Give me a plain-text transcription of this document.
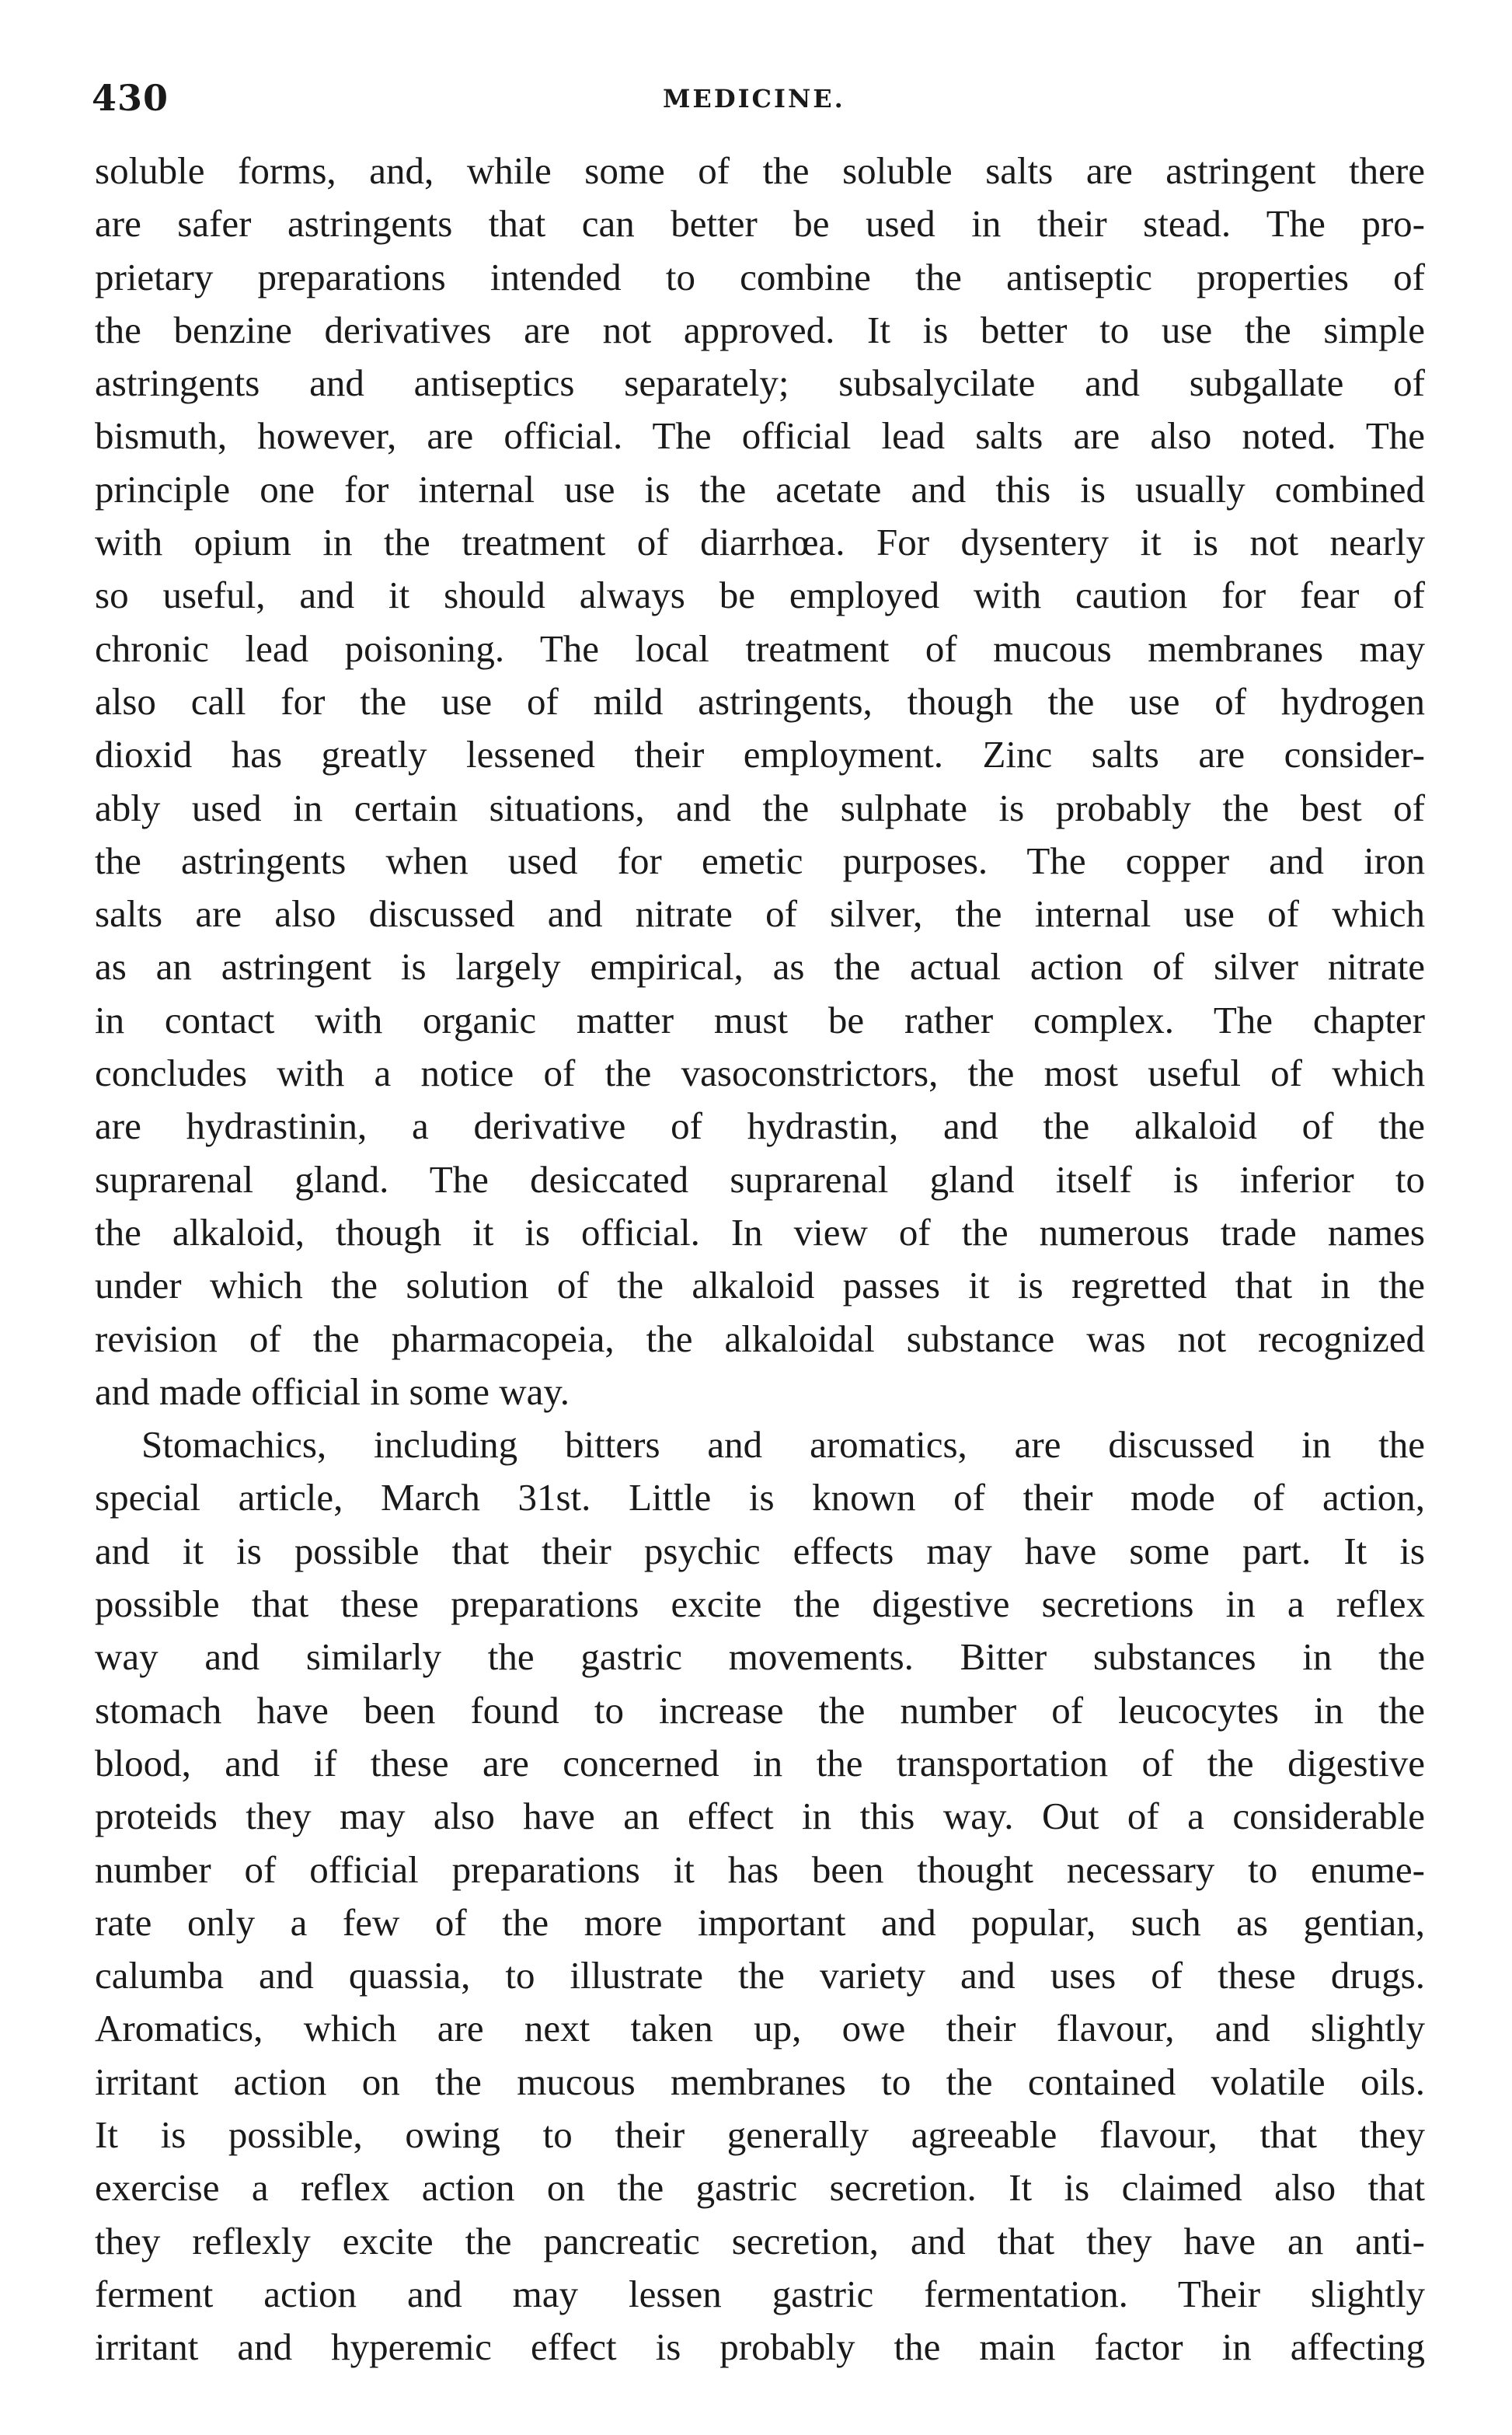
430	MEDICINE.
soluble forms, and, while some of the soluble salts are astringent there
are safer astringents that can better be used in their stead. The pro-
prietary preparations intended to combine the antiseptic properties of
the benzine derivatives are not approved. It is better to use the simple
astringents and antiseptics separately; subsalycilate and subgallate of
bismuth, however, are official. The official lead salts are also noted. The
principle one for internal use is the acetate and this is usually combined
with opium in the treatment of diarrhœa. For dysentery it is not nearly
so useful, and it should always be employed with caution for fear of
chronic lead poisoning. The local treatment of mucous membranes may
also call for the use of mild astringents, though the use of hydrogen
dioxid has greatly lessened their employment. Zinc salts are consider-
ably used in certain situations, and the sulphate is probably the best of
the astringents when used for emetic purposes. The copper and iron
salts are also discussed and nitrate of silver, the internal use of which
as an astringent is largely empirical, as the actual action of silver nitrate
in contact with organic matter must be rather complex. The chapter
concludes with a notice of the vasoconstrictors, the most useful of which
are hydrastinin, a derivative of hydrastin, and the alkaloid of the
suprarenal gland. The desiccated suprarenal gland itself is inferior to
the alkaloid, though it is official. In view of the numerous trade names
under which the solution of the alkaloid passes it is regretted that in the
revision of the pharmacopeia, the alkaloidal substance was not recognized
and made official in some way.
Stomachics, including bitters and aromatics, are discussed in the
special article, March 31st. Little is known of their mode of action,
and it is possible that their psychic effects may have some part. It is
possible that these preparations excite the digestive secretions in a reflex
way and similarly the gastric movements. Bitter substances in the
stomach have been found to increase the number of leucocytes in the
blood, and if these are concerned in the transportation of the digestive
proteids they may also have an effect in this way. Out of a considerable
number of official preparations it has been thought necessary to enume-
rate only a few of the more important and popular, such as gentian,
calumba and quassia, to illustrate the variety and uses of these drugs.
Aromatics, which are next taken up, owe their flavour, and slightly
irritant action on the mucous membranes to the contained volatile oils.
It is possible, owing to their generally agreeable flavour, that they
exercise a reflex action on the gastric secretion. It is claimed also that
they reflexly excite the pancreatic secretion, and that they have an anti-
ferment action and may lessen gastric fermentation. Their slightly
irritant and hyperemic effect is probably the main factor in affecting
